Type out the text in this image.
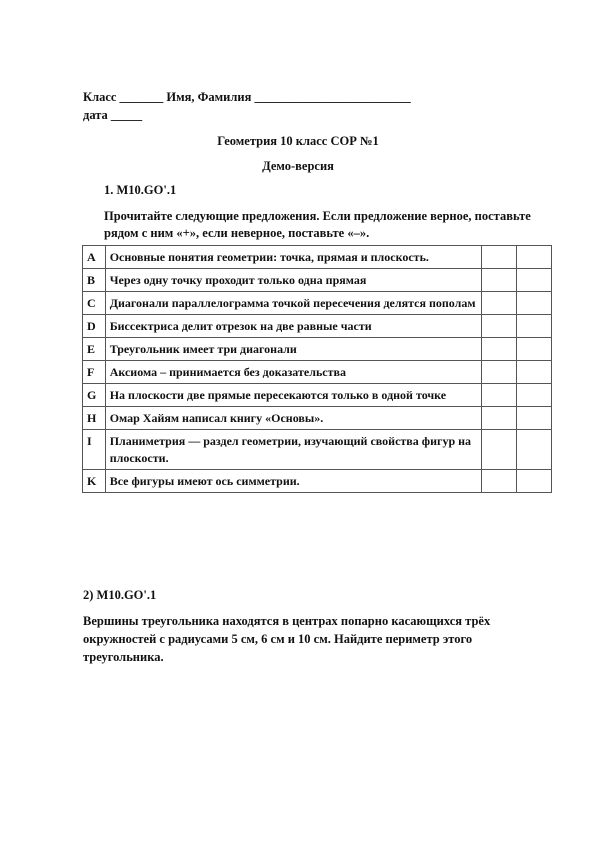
Класс _______ Имя, Фамилия _________________________
дата _____
Геометрия 10 класс СОР №1
Демо-версия
1. M10.GO'.1
Прочитайте следующие предложения. Если предложение верное, поставьте рядом с ним «+», если неверное, поставьте «–».
A	Основные понятия геометрии: точка, прямая и плоскость.		
B	Через одну точку проходит только одна прямая		
C	Диагонали параллелограмма точкой пересечения делятся пополам		
D	Биссектриса делит отрезок на две равные части		
E	Треугольник имеет три диагонали		
F	Аксиома – принимается без доказательства		
G	На плоскости две прямые пересекаются только в одной точке		
H	Омар Хайям написал книгу «Основы».		
I	Планиметрия — раздел геометрии, изучающий свойства фигур на плоскости.		
K	Все фигуры имеют ось симметрии.		
2) M10.GO'.1
Вершины треугольника находятся в центрах попарно касающихся трёх окружностей с радиусами 5 см, 6 см и 10 см. Найдите периметр этого треугольника.
